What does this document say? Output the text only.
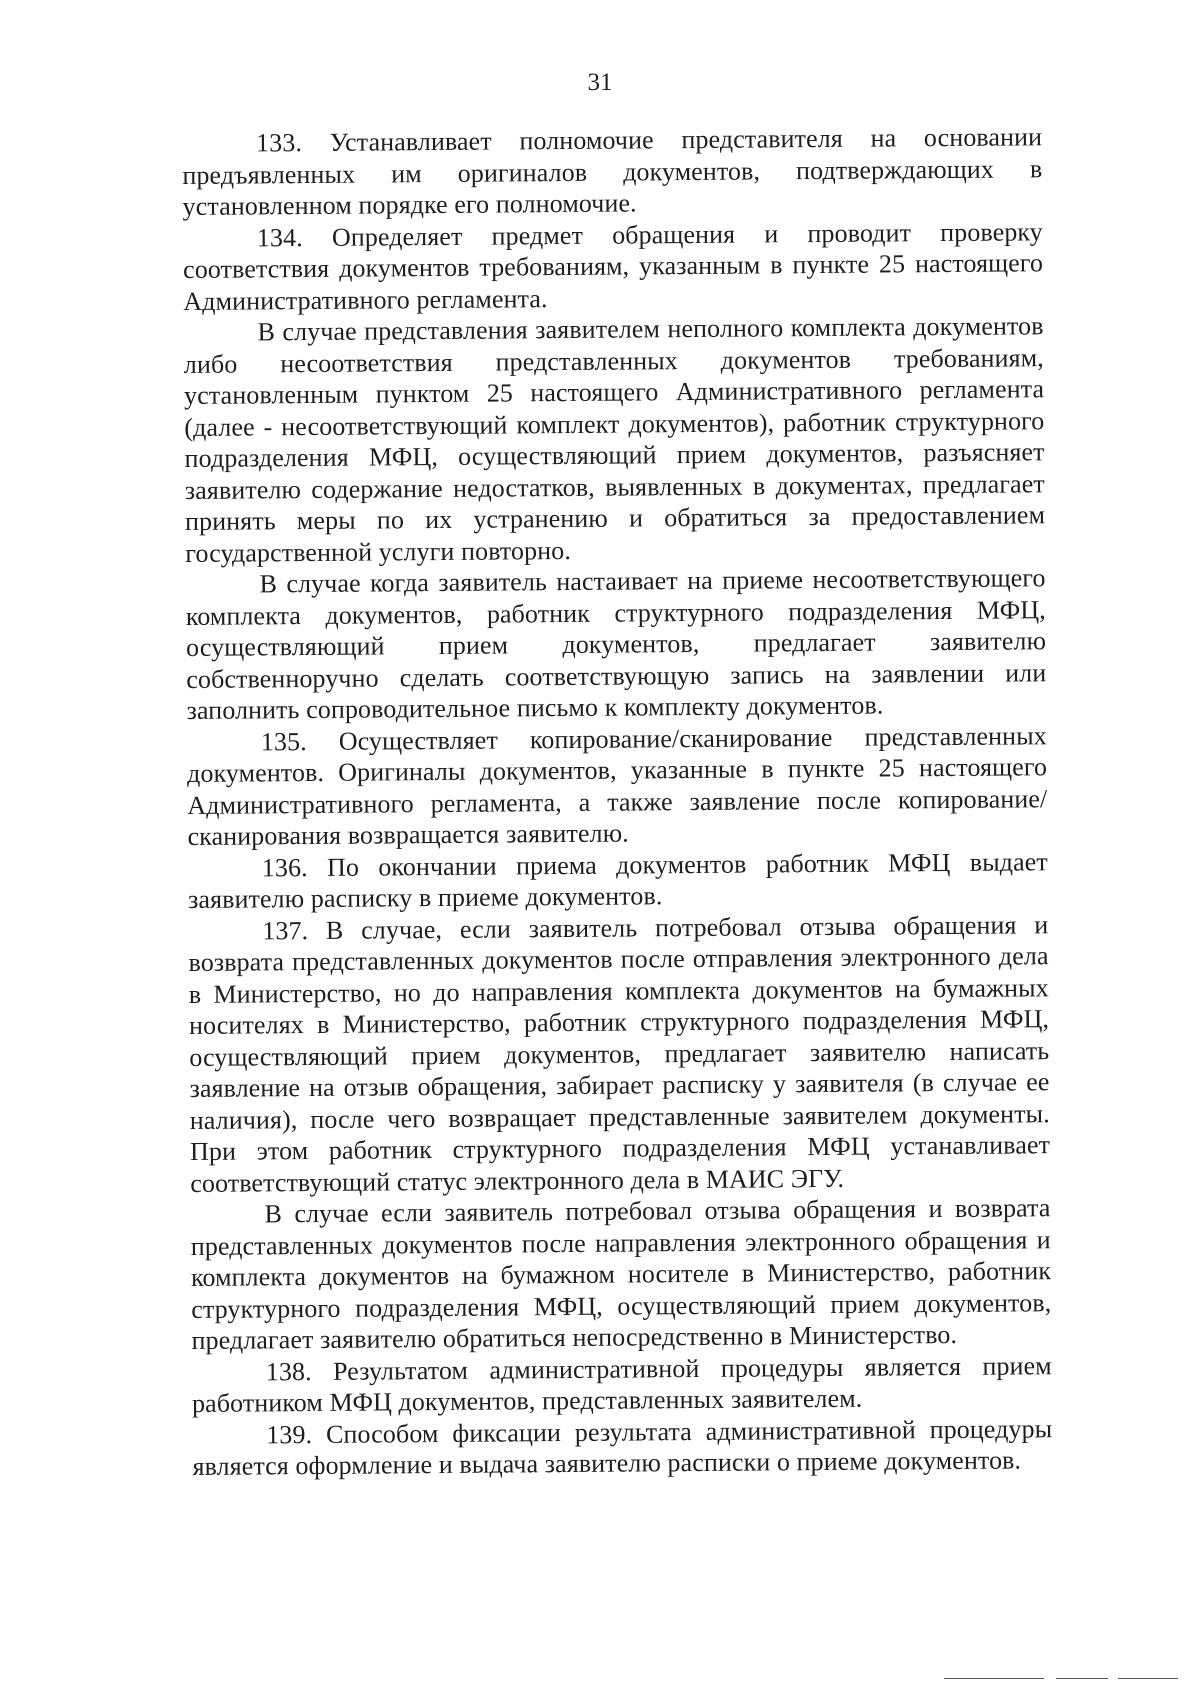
31

133. Устанавливает полномочие представителя на основании предъявленных им оригиналов документов, подтверждающих в установленном порядке его полномочие.

134. Определяет предмет обращения и проводит проверку соответствия документов требованиям, указанным в пункте 25 настоящего Административного регламента.

В случае представления заявителем неполного комплекта документов либо несоответствия представленных документов требованиям, установленным пунктом 25 настоящего Административного регламента (далее - несоответствующий комплект документов), работник структурного подразделения МФЦ, осуществляющий прием документов, разъясняет заявителю содержание недостатков, выявленных в документах, предлагает принять меры по их устранению и обратиться за предоставлением государственной услуги повторно.

В случае когда заявитель настаивает на приеме несоответствующего комплекта документов, работник структурного подразделения МФЦ, осуществляющий прием документов, предлагает заявителю собственноручно сделать соответствующую запись на заявлении или заполнить сопроводительное письмо к комплекту документов.

135. Осуществляет копирование/сканирование представленных документов. Оригиналы документов, указанные в пункте 25 настоящего Административного регламента, а также заявление после копирование/сканирования возвращается заявителю.

136. По окончании приема документов работник МФЦ выдает заявителю расписку в приеме документов.

137. В случае, если заявитель потребовал отзыва обращения и возврата представленных документов после отправления электронного дела в Министерство, но до направления комплекта документов на бумажных носителях в Министерство, работник структурного подразделения МФЦ, осуществляющий прием документов, предлагает заявителю написать заявление на отзыв обращения, забирает расписку у заявителя (в случае ее наличия), после чего возвращает представленные заявителем документы. При этом работник структурного подразделения МФЦ устанавливает соответствующий статус электронного дела в МАИС ЭГУ.

В случае если заявитель потребовал отзыва обращения и возврата представленных документов после направления электронного обращения и комплекта документов на бумажном носителе в Министерство, работник структурного подразделения МФЦ, осуществляющий прием документов, предлагает заявителю обратиться непосредственно в Министерство.

138. Результатом административной процедуры является прием работником МФЦ документов, представленных заявителем.

139. Способом фиксации результата административной процедуры является оформление и выдача заявителю расписки о приеме документов.
